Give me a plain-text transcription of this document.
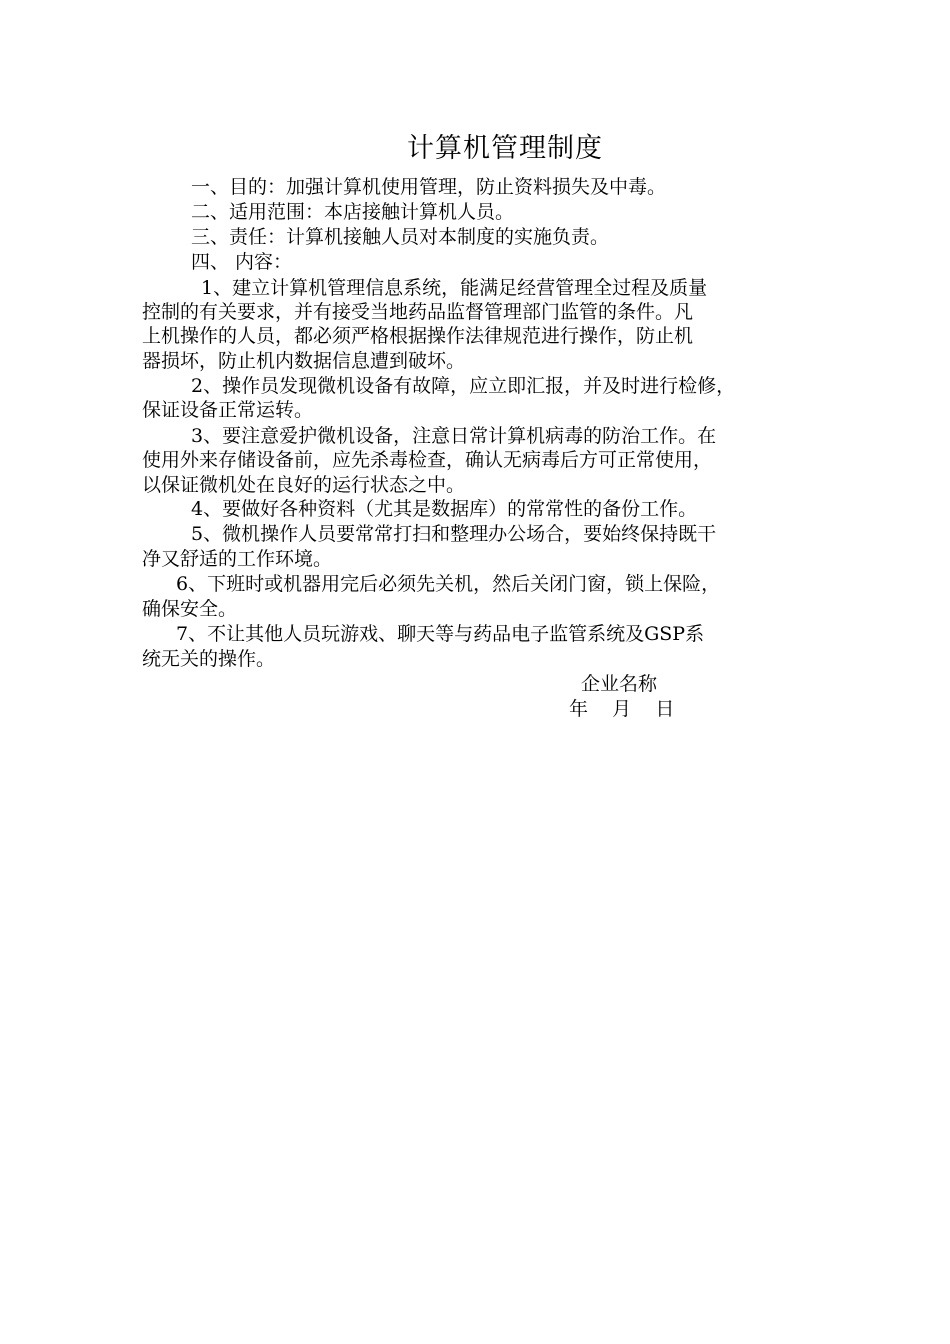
计算机管理制度
一、目的：加强计算机使用管理，防止资料损失及中毒。
二、适用范围：本店接触计算机人员。
三、责任：计算机接触人员对本制度的实施负责。
四、 内容：
1、建立计算机管理信息系统，能满足经营管理全过程及质量
控制的有关要求，并有接受当地药品监督管理部门监管的条件。凡
上机操作的人员，都必须严格根据操作法律规范进行操作，防止机
器损坏，防止机内数据信息遭到破坏。
2、操作员发现微机设备有故障，应立即汇报，并及时进行检修，
保证设备正常运转。
3、要注意爱护微机设备，注意日常计算机病毒的防治工作。在
使用外来存储设备前，应先杀毒检查，确认无病毒后方可正常使用，
以保证微机处在良好的运行状态之中。
4、要做好各种资料（尤其是数据库）的常常性的备份工作。
5、微机操作人员要常常打扫和整理办公场合，要始终保持既干
净又舒适的工作环境。
6、下班时或机器用完后必须先关机，然后关闭门窗，锁上保险，
确保安全。
7、不让其他人员玩游戏、聊天等与药品电子监管系统及GSP系
统无关的操作。
企业名称
年    月    日
